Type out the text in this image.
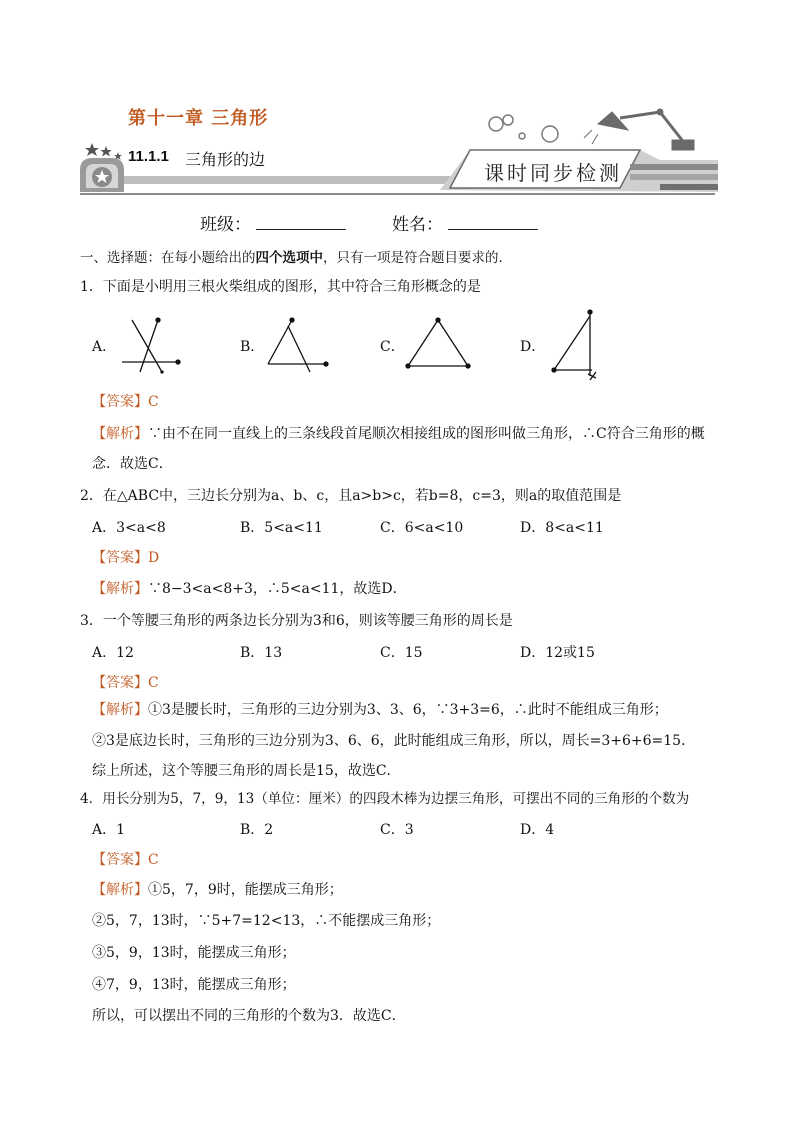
第十一章 三角形
11.1.1 三角形的边
课时同步检测
班级：	姓名：
一、选择题：在每小题给出的四个选项中，只有一项是符合题目要求的．
1．下面是小明用三根火柴组成的图形，其中符合三角形概念的是
A．	B．	C．	D．
【答案】C
【解析】∵由不在同一直线上的三条线段首尾顺次相接组成的图形叫做三角形，∴C符合三角形的概
念．故选C．
2．在△ABC中，三边长分别为a、b、c，且a>b>c，若b=8，c=3，则a的取值范围是
A．3<a<8	B．5<a<11	C．6<a<10	D．8<a<11
【答案】D
【解析】∵8−3<a<8+3，∴5<a<11，故选D．
3．一个等腰三角形的两条边长分别为3和6，则该等腰三角形的周长是
A．12	B．13	C．15	D．12或15
【答案】C
【解析】①3是腰长时，三角形的三边分别为3、3、6，∵3+3=6，∴此时不能组成三角形；
②3是底边长时，三角形的三边分别为3、6、6，此时能组成三角形，所以，周长=3+6+6=15．
综上所述，这个等腰三角形的周长是15，故选C．
4．用长分别为5，7，9，13（单位：厘米）的四段木棒为边摆三角形，可摆出不同的三角形的个数为
A．1	B．2	C．3	D．4
【答案】C
【解析】①5，7，9时，能摆成三角形；
②5，7，13时，∵5+7=12<13，∴不能摆成三角形；
③5，9，13时，能摆成三角形；
④7，9，13时，能摆成三角形；
所以，可以摆出不同的三角形的个数为3．故选C．
